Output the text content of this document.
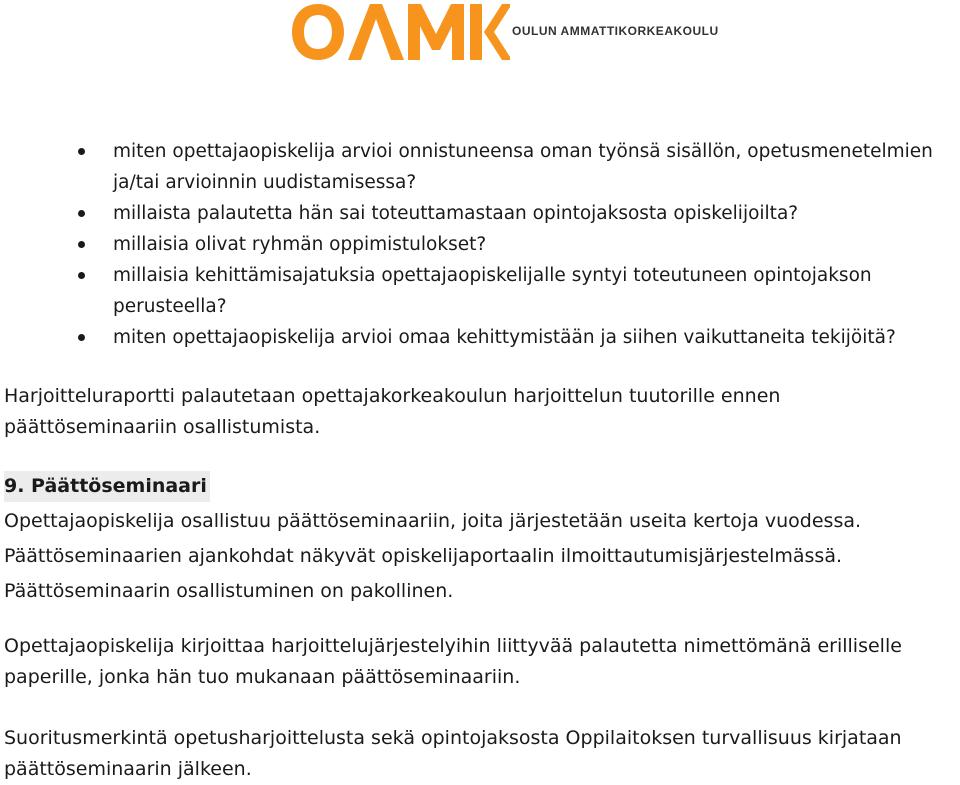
OULUN AMMATTIKORKEAKOULU
miten opettajaopiskelija arvioi onnistuneensa oman työnsä sisällön, opetusmenetelmien ja/tai arvioinnin uudistamisessa?
millaista palautetta hän sai toteuttamastaan opintojaksosta opiskelijoilta?
millaisia olivat ryhmän oppimistulokset?
millaisia kehittämisajatuksia opettajaopiskelijalle syntyi toteutuneen opintojakson perusteella?
miten opettajaopiskelija arvioi omaa kehittymistään ja siihen vaikuttaneita tekijöitä?

Harjoitteluraportti palautetaan opettajakorkeakoulun harjoittelun tuutorille ennen päättöseminaariin osallistumista.

9. Päättöseminaari

Opettajaopiskelija osallistuu päättöseminaariin, joita järjestetään useita kertoja vuodessa.

Päättöseminaarien ajankohdat näkyvät opiskelijaportaalin ilmoittautumisjärjestelmässä.

Päättöseminaarin osallistuminen on pakollinen.

Opettajaopiskelija kirjoittaa harjoittelujärjestelyihin liittyvää palautetta nimettömänä erilliselle paperille, jonka hän tuo mukanaan päättöseminaariin.

Suoritusmerkintä opetusharjoittelusta sekä opintojaksosta Oppilaitoksen turvallisuus kirjataan päättöseminaarin jälkeen.
